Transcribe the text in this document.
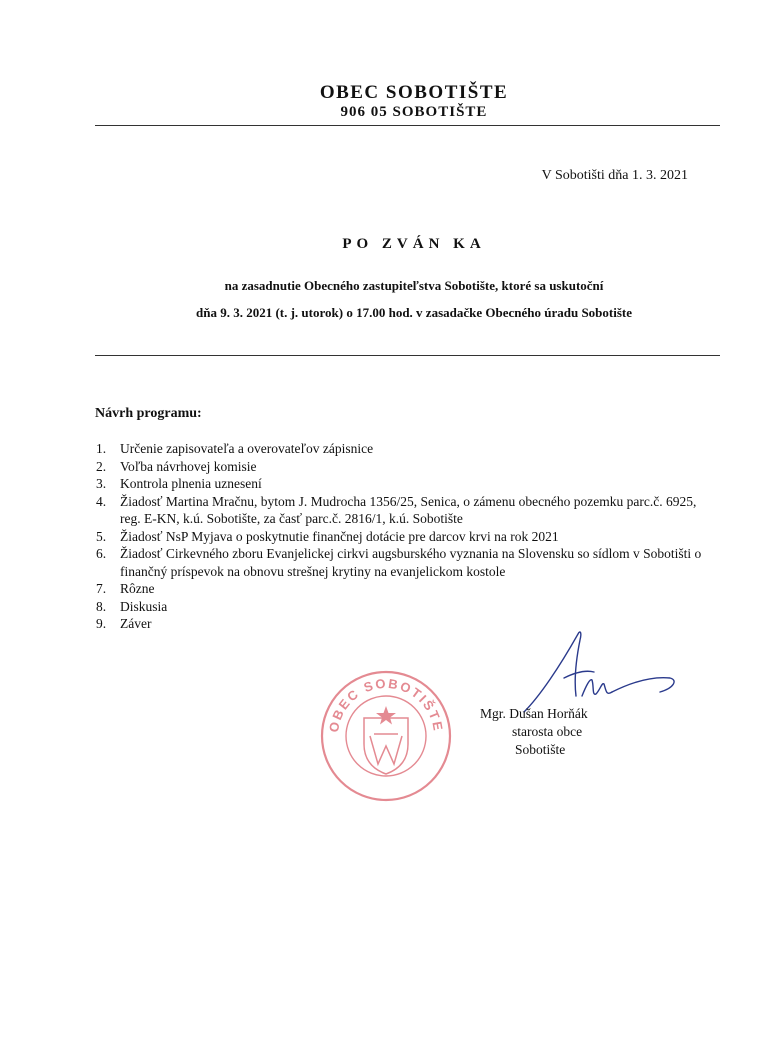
OBEC SOBOTIŠTE
906 05 SOBOTIŠTE
V Sobotišti dňa 1. 3. 2021
PO ZVÁN KA
na zasadnutie Obecného zastupiteľstva Sobotište, ktoré sa uskutoční
dňa 9. 3. 2021 (t. j. utorok) o 17.00 hod. v zasadačke Obecného úradu Sobotište
Návrh programu:
1.	Určenie zapisovateľa a overovateľov zápisnice
2.	Voľba návrhovej komisie
3.	Kontrola plnenia uznesení
4.	Žiadosť Martina Mračnu, bytom J. Mudrocha 1356/25, Senica, o zámenu obecného pozemku parc.č. 6925, reg. E-KN, k.ú. Sobotište, za časť parc.č. 2816/1, k.ú. Sobotište
5.	Žiadosť NsP Myjava o poskytnutie finančnej dotácie pre darcov krvi na rok 2021
6.	Žiadosť Cirkevného zboru Evanjelickej cirkvi augsburského vyznania na Slovensku so sídlom v Sobotišti o finančný príspevok na obnovu strešnej krytiny na evanjelickom kostole
7.	Rôzne
8.	Diskusia
9.	Záver
OBEC SOBOTIŠTE
Mgr. Dušan Horňák
starosta obce
Sobotište
